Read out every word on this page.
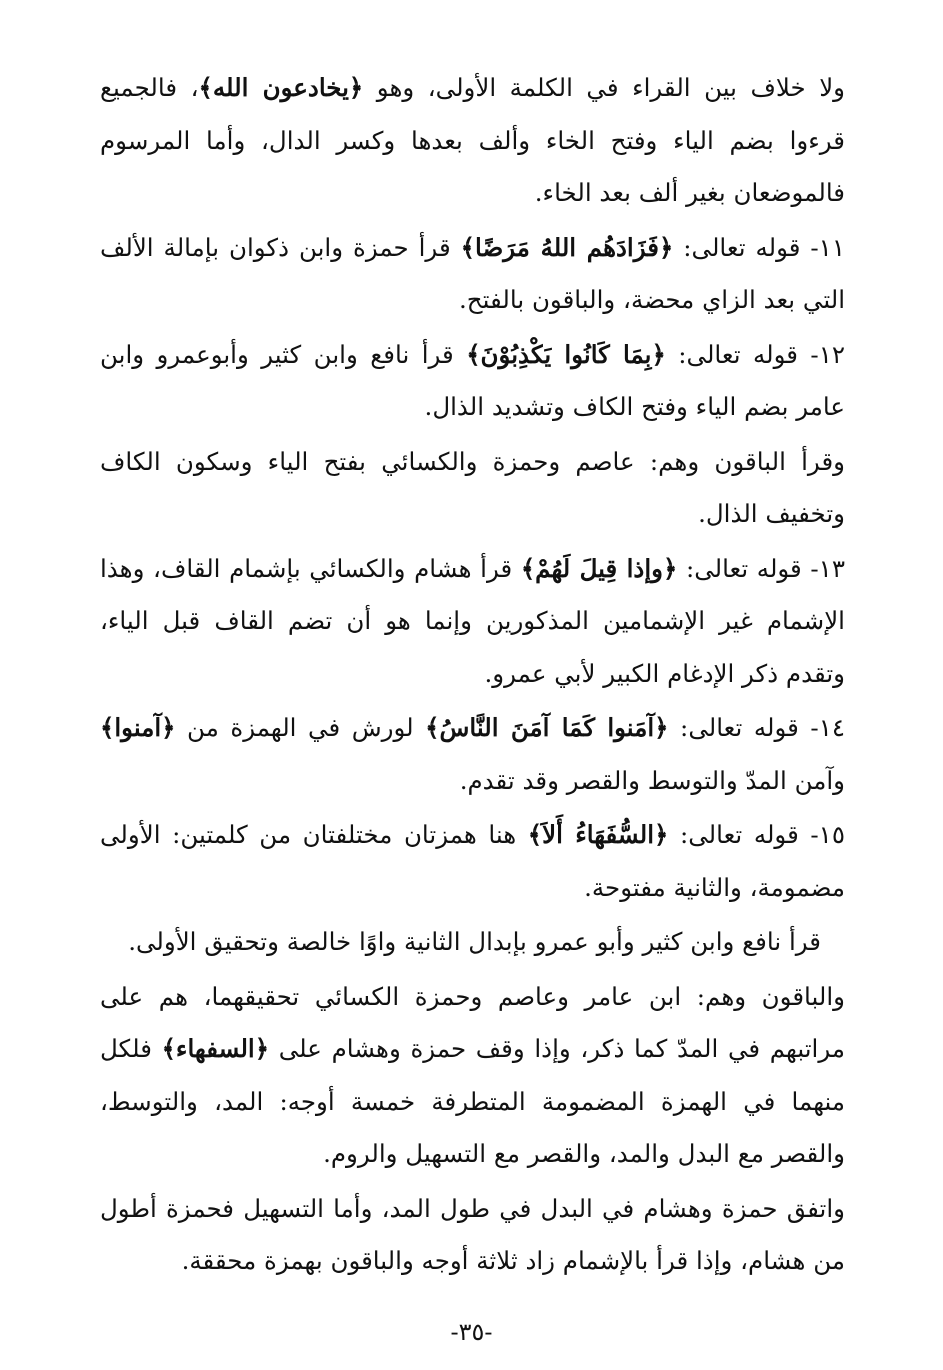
ولا خلاف بين القراء في الكلمة الأولى، وهو ﴿يخادعون الله﴾، فالجميع قرءوا بضم الياء وفتح الخاء وألف بعدها وكسر الدال، وأما المرسوم فالموضعان بغير ألف بعد الخاء.

١١- قوله تعالى: ﴿فَزَادَهُم اللهُ مَرَضًا﴾ قرأ حمزة وابن ذكوان بإمالة الألف التي بعد الزاي محضة، والباقون بالفتح.

١٢- قوله تعالى: ﴿بِمَا كَانُوا يَكْذِبُوْنَ﴾ قرأ نافع وابن كثير وأبوعمرو وابن عامر بضم الياء وفتح الكاف وتشديد الذال.

وقرأ الباقون وهم: عاصم وحمزة والكسائي بفتح الياء وسكون الكاف وتخفيف الذال.

١٣- قوله تعالى: ﴿وإذا قِيلَ لَهُمْ﴾ قرأ هشام والكسائي بإشمام القاف، وهذا الإشمام غير الإشمامين المذكورين وإنما هو أن تضم القاف قبل الياء، وتقدم ذكر الإدغام الكبير لأبي عمرو.

١٤- قوله تعالى: ﴿آمَنوا كَمَا آمَنَ النَّاسُ﴾ لورش في الهمزة من ﴿آمنوا﴾ وآمن المدّ والتوسط والقصر وقد تقدم.

١٥- قوله تعالى: ﴿السُّفَهَاءُ أَلاَ﴾ هنا همزتان مختلفتان من كلمتين: الأولى مضمومة، والثانية مفتوحة.

قرأ نافع وابن كثير وأبو عمرو بإبدال الثانية واوًا خالصة وتحقيق الأولى.

والباقون وهم: ابن عامر وعاصم وحمزة الكسائي تحقيقهما، هم على مراتبهم في المدّ كما ذكر، وإذا وقف حمزة وهشام على ﴿السفهاء﴾ فلكل منهما في الهمزة المضمومة المتطرفة خمسة أوجه: المد، والتوسط، والقصر مع البدل والمد، والقصر مع التسهيل والروم.

واتفق حمزة وهشام في البدل في طول المد، وأما التسهيل فحمزة أطول من هشام، وإذا قرأ بالإشمام زاد ثلاثة أوجه والباقون بهمزة محققة.

-٣٥-
